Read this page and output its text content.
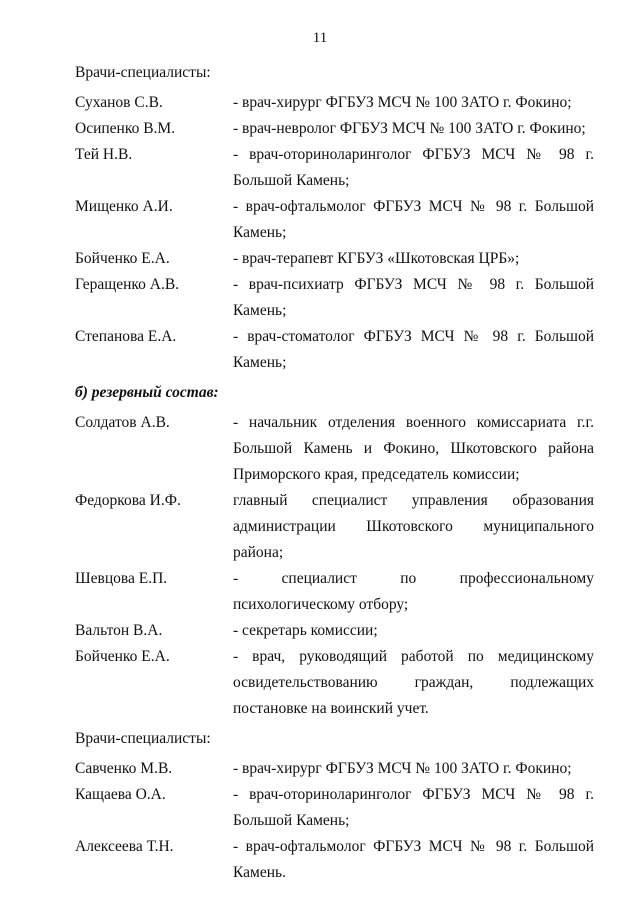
11
Врачи-специалисты:
Суханов С.В.	- врач-хирург ФГБУЗ МСЧ № 100 ЗАТО г. Фокино;
Осипенко В.М.	- врач-невролог ФГБУЗ МСЧ № 100 ЗАТО г. Фокино;
Тей Н.В.	- врач-оториноларинголог ФГБУЗ МСЧ № 98 г. Большой Камень;
Мищенко А.И.	- врач-офтальмолог ФГБУЗ МСЧ № 98 г. Большой Камень;
Бойченко Е.А.	- врач-терапевт КГБУЗ «Шкотовская ЦРБ»;
Геращенко А.В.	- врач-психиатр ФГБУЗ МСЧ № 98 г. Большой Камень;
Степанова Е.А.	- врач-стоматолог ФГБУЗ МСЧ № 98 г. Большой Камень;
б) резервный состав:
Солдатов А.В.	- начальник отделения военного комиссариата г.г. Большой Камень и Фокино, Шкотовского района Приморского края, председатель комиссии;
Федоркова И.Ф.	главный специалист управления образования администрации Шкотовского муниципального района;
Шевцова Е.П.	- специалист по профессиональному психологическому отбору;
Вальтон В.А.	- секретарь комиссии;
Бойченко Е.А.	- врач, руководящий работой по медицинскому освидетельствованию граждан, подлежащих постановке на воинский учет.
Врачи-специалисты:
Савченко М.В.	- врач-хирург ФГБУЗ МСЧ № 100 ЗАТО г. Фокино;
Кащаева О.А.	- врач-оториноларинголог ФГБУЗ МСЧ № 98 г. Большой Камень;
Алексеева Т.Н.	- врач-офтальмолог ФГБУЗ МСЧ № 98 г. Большой Камень.
